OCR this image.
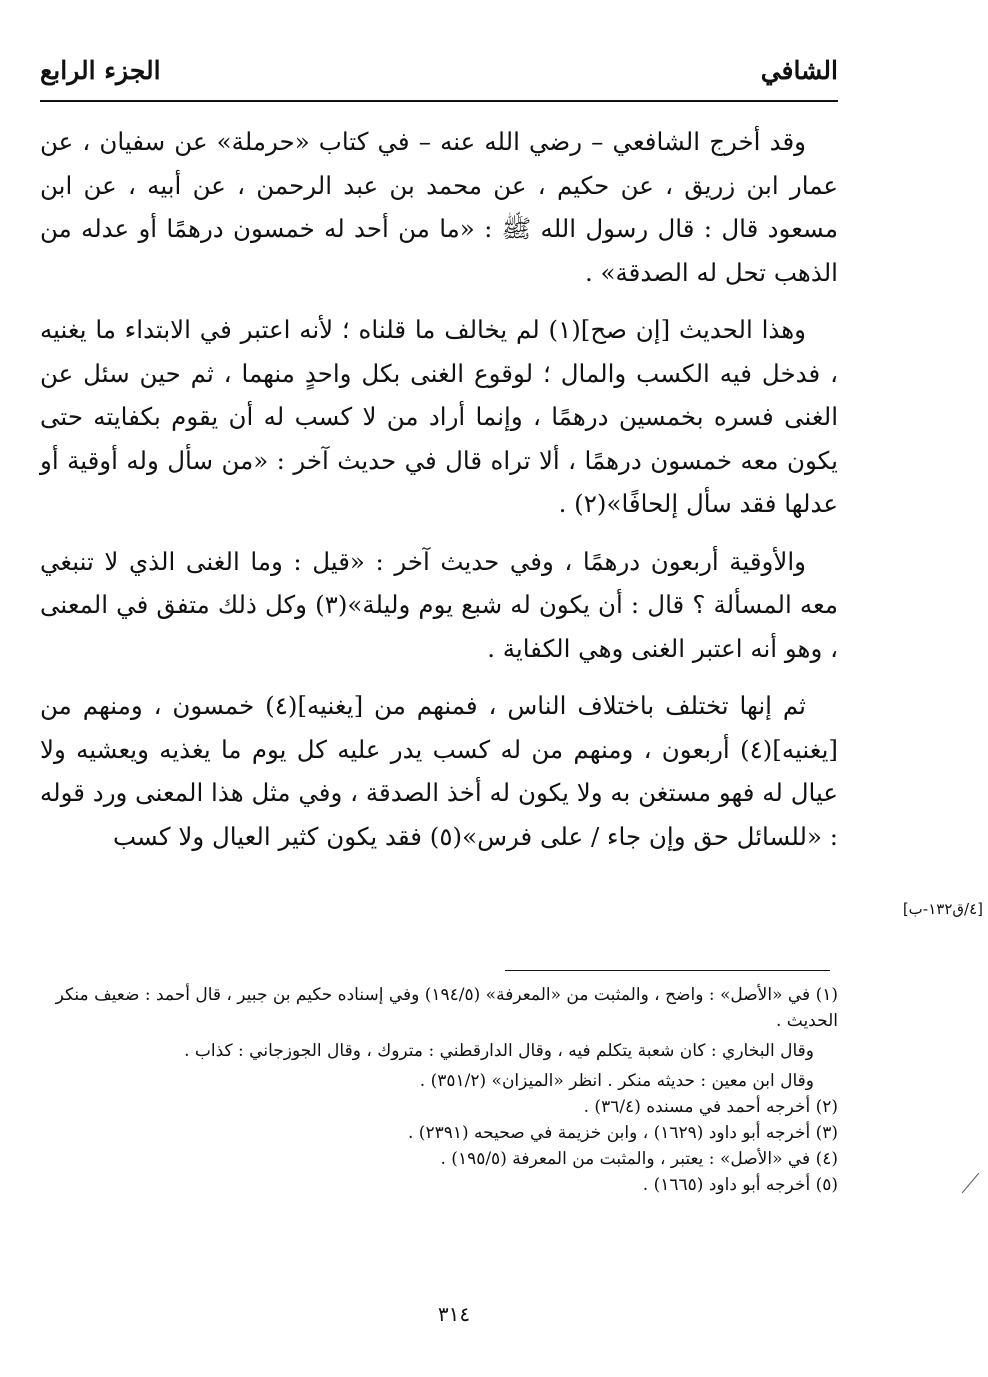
الشافي
الجزء الرابع

وقد أخرج الشافعي – رضي الله عنه – في كتاب «حرملة» عن سفيان ، عن عمار ابن زريق ، عن حكيم ، عن محمد بن عبد الرحمن ، عن أبيه ، عن ابن مسعود قال : قال رسول الله ﷺ : «ما من أحد له خمسون درهمًا أو عدله من الذهب تحل له الصدقة» .

وهذا الحديث [إن صح](١) لم يخالف ما قلناه ؛ لأنه اعتبر في الابتداء ما يغنيه ، فدخل فيه الكسب والمال ؛ لوقوع الغنى بكل واحدٍ منهما ، ثم حين سئل عن الغنى فسره بخمسين درهمًا ، وإنما أراد من لا كسب له أن يقوم بكفايته حتى يكون معه خمسون درهمًا ، ألا تراه قال في حديث آخر : «من سأل وله أوقية أو عدلها فقد سأل إلحافًا»(٢) .

والأوقية أربعون درهمًا ، وفي حديث آخر : «قيل : وما الغنى الذي لا تنبغي معه المسألة ؟ قال : أن يكون له شبع يوم وليلة»(٣) وكل ذلك متفق في المعنى ، وهو أنه اعتبر الغنى وهي الكفاية .

ثم إنها تختلف باختلاف الناس ، فمنهم من [يغنيه](٤) خمسون ، ومنهم من [يغنيه](٤) أربعون ، ومنهم من له كسب يدر عليه كل يوم ما يغذيه ويعشيه ولا عيال له فهو مستغن به ولا يكون له أخذ الصدقة ، وفي مثل هذا المعنى ورد قوله : «للسائل حق وإن جاء / على فرس»(٥) فقد يكون كثير العيال ولا كسب

[٤/ق١٣٢-ب]

(١) في «الأصل» : واضح ، والمثبت من «المعرفة» (١٩٤/٥) وفي إسناده حكيم بن جبير ، قال أحمد : ضعيف منكر الحديث .

وقال البخاري : كان شعبة يتكلم فيه ، وقال الدارقطني : متروك ، وقال الجوزجاني : كذاب .

وقال ابن معين : حديثه منكر . انظر «الميزان» (٣٥١/٢) .

(٢) أخرجه أحمد في مسنده (٣٦/٤) .

(٣) أخرجه أبو داود (١٦٢٩) ، وابن خزيمة في صحيحه (٢٣٩١) .

(٤) في «الأصل» : يعتبر ، والمثبت من المعرفة (١٩٥/٥) .

(٥) أخرجه أبو داود (١٦٦٥) .

٣١٤
